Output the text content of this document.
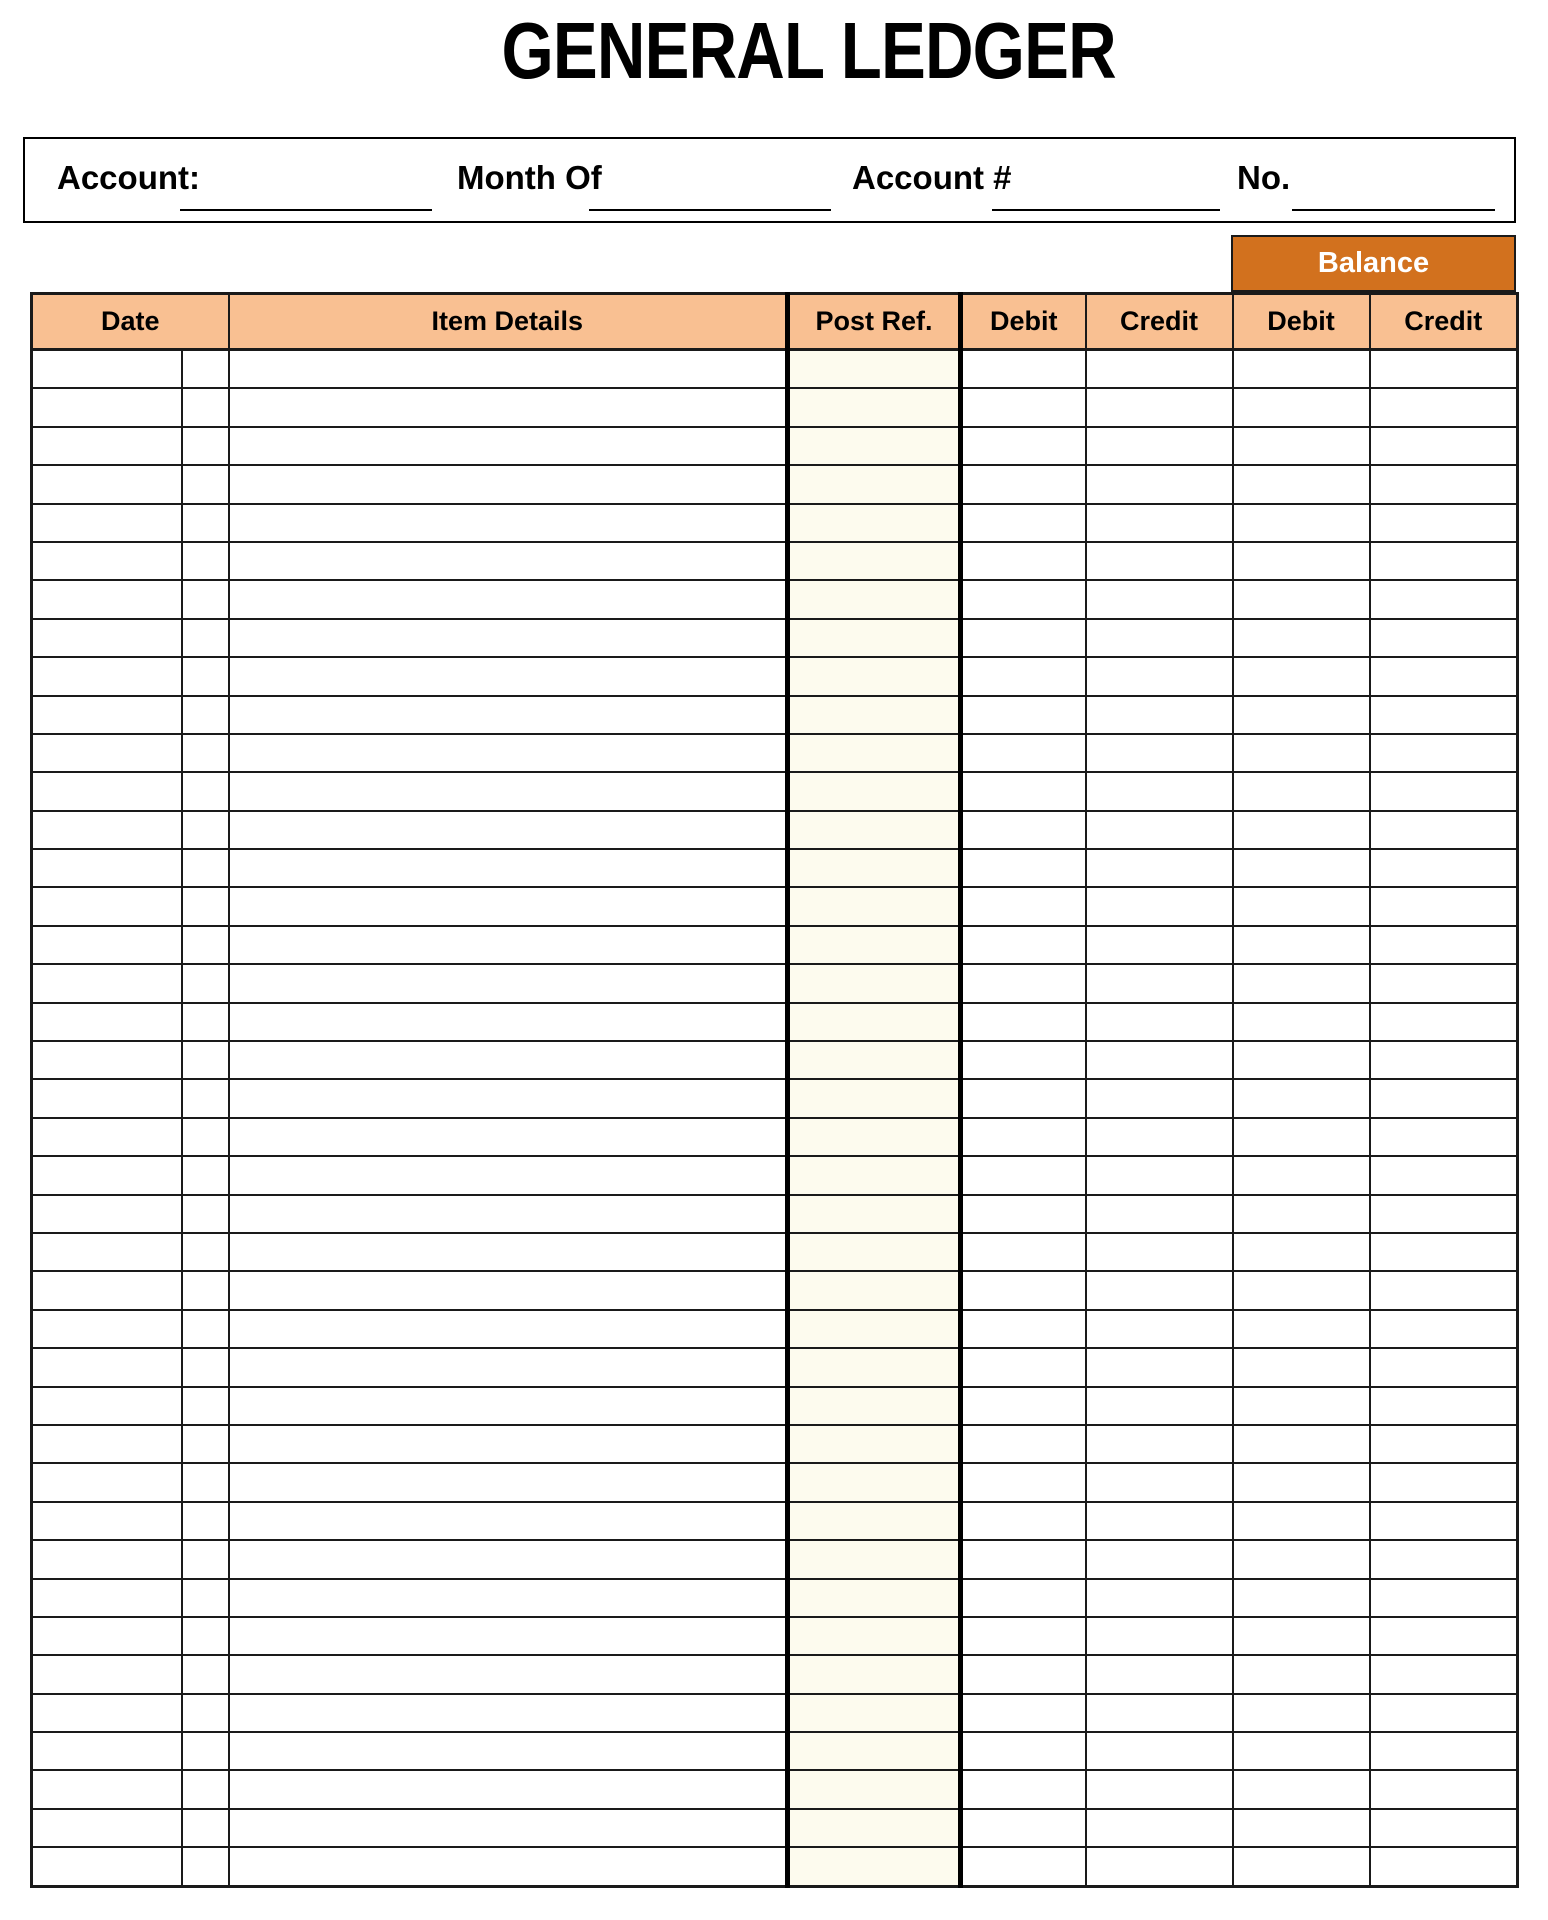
GENERAL LEDGER
Account:	Month Of	Account #	No.
Balance
Date		Item Details	Post Ref.	Debit	Credit	Debit	Credit
